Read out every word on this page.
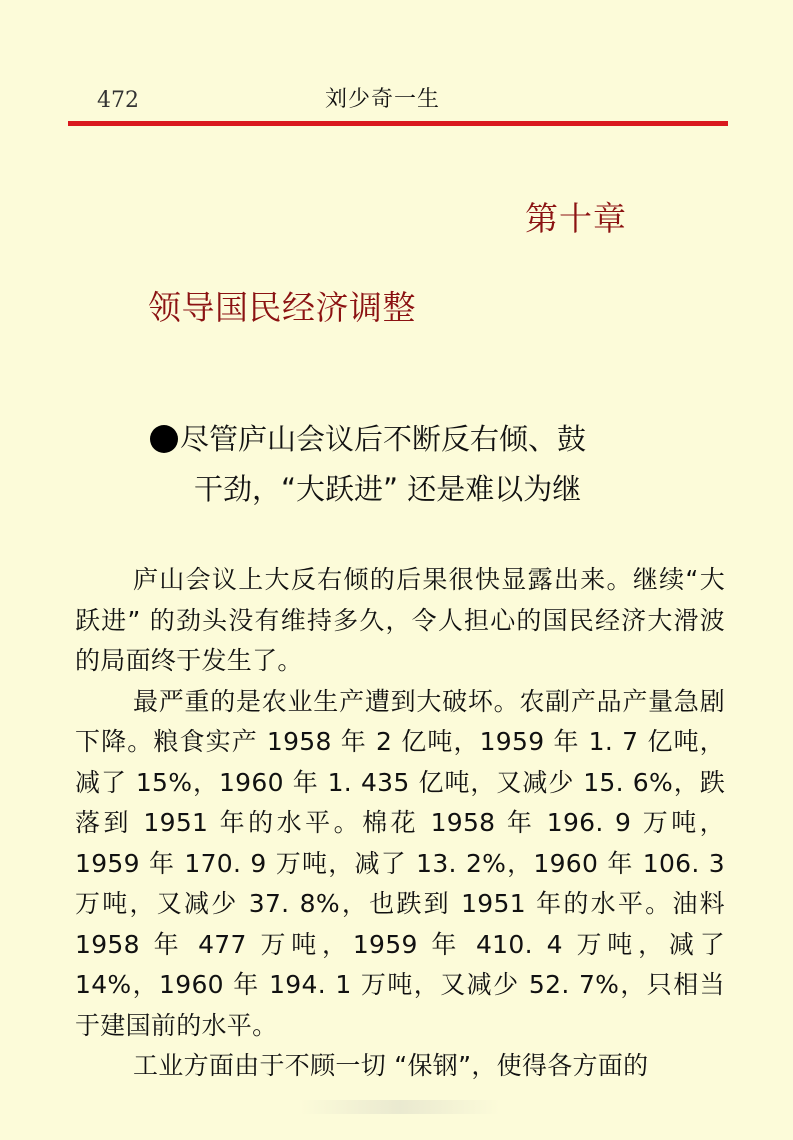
472	刘少奇一生
第十章
领导国民经济调整
尽管庐山会议后不断反右倾、鼓
干劲，“大跃进” 还是难以为继

庐山会议上大反右倾的后果很快显露出来。继续“大跃进” 的劲头没有维持多久，令人担心的国民经济大滑波的局面终于发生了。

最严重的是农业生产遭到大破坏。农副产品产量急剧下降。粮食实产 1958 年 2 亿吨，1959 年 1. 7 亿吨，减了 15%，1960 年 1. 435 亿吨，又减少 15. 6%，跌落到 1951 年的水平。棉花 1958 年 196. 9 万吨，1959 年 170. 9 万吨，减了 13. 2%，1960 年 106. 3 万吨，又减少 37. 8%，也跌到 1951 年的水平。油料 1958 年 477 万吨，1959 年 410. 4 万吨，减了 14%，1960 年 194. 1 万吨，又减少 52. 7%，只相当于建国前的水平。

工业方面由于不顾一切 “保钢”，使得各方面的
